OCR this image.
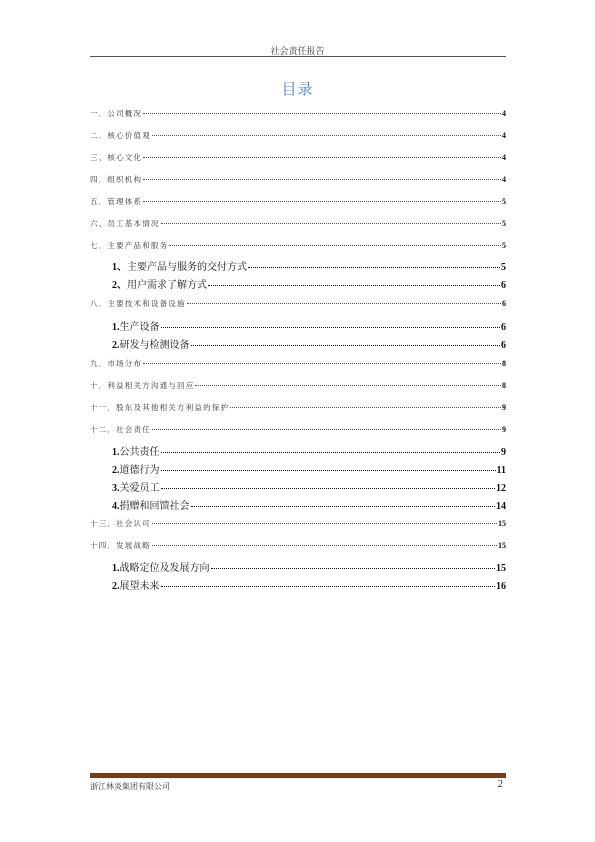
社会责任报告
目录
一． 公司概况	4
二． 核心价值观	4
三、 核心文化	4
四． 组织机构	4
五． 管理体系	5
六、 员工基本情况	5
七． 主要产品和服务	5
1、 主要产品与服务的交付方式	5
2、 用户需求了解方式	6
八． 主要技术和设备设施	6
1. 生产设备	6
2. 研发与检测设备	6
九． 市场分布	8
十． 利益相关方沟通与回应	8
十一． 股东及其他相关方利益的保护	9
十二． 社会责任	9
1. 公共责任	9
2. 道德行为	11
3. 关爱员工	12
4. 捐赠和回馈社会	14
十三． 社会认可	15
十四． 发展战略	15
1. 战略定位及发展方向	15
2. 展望未来	16
浙江林炎集团有限公司	2
